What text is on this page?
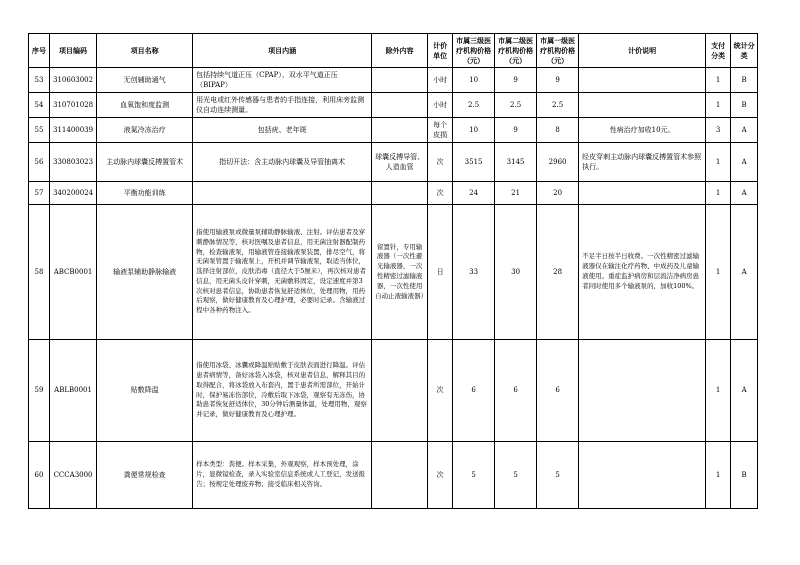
序号	项目编码	项目名称	项目内涵	除外内容	计价单位	市属三级医疗机构价格（元）	市属二级医疗机构价格（元）	市属一级医疗机构价格（元）	计价说明	支付分类	统计分类
53	310603002	无创辅助通气	包括持续气道正压（CPAP）、双水平气道正压（BIPAP）		小时	10	9	9		1	B
54	310701028	血氧饱和度监测	用光电或红外传感器与患者的手指连接，利用床旁监测仪自动连续测量。		小时	2.5	2.5	2.5		1	B
55	311400039	液氮冷冻治疗	包括疣、老年斑		每个皮损	10	9	8	性病治疗加收10元。	3	A
56	330803023	主动脉内球囊反搏置管术	指切开法：含主动脉内球囊及导管抽离术	球囊反搏导管、人造血管	次	3515	3145	2960	经皮穿刺主动脉内球囊反搏置管术参照执行。	1	A
57	340200024	平衡功能训练			次	24	21	20		1	A
58	ABCB0001	输液泵辅助静脉输液	指使用输液泵或微量泵辅助静脉输液、注射。评估患者及穿刺静脉情况等，核对医嘱及患者信息，用无菌注射器配制药物，检查输液泵，用输液管连接输液泵装置，排尽空气，将无菌泵管置于输液泵上，开机并调节输液泵，取适当体位，选择注射部位，皮肤消毒（直径大于5厘米），再次核对患者信息，用无菌头皮针穿刺，无菌敷料固定，设定速度并第3次核对患者信息，协助患者恢复舒适体位，处理用物，用药后观察，做好健康教育及心理护理，必要时记录。含输液过程中各种药物注入。	留置针，专用输液器（一次性避光输液器，一次性精密过滤输液器，一次性使用自动止液输液器）	日	33	30	28	不足半日按半日收费。一次性精密过滤输液器仅在输注化疗药物、中成药及儿童输液使用。重症监护病房和层流洁净病房患者同时使用多个输液泵的，加收100%。	1	A
59	ABLB0001	贴敷降温	指使用冰袋、冰囊或降温贴贴敷于皮肤表面进行降温。评估患者病情等，备好冰袋入冰袋，核对患者信息，解释其目的取得配合，将冰袋放入布套内，置于患者所需部位，开始计时，保护易冻伤部位，冷敷后取下冰袋，观察有无冻伤，协助患者恢复舒适体位，30分钟后测量体温，处理用物，观察并记录，做好健康教育及心理护理。		次	6	6	6		1	A
60	CCCA3000	粪便常规检查	样本类型：粪便。样本采集，外观观察，样本预处理，涂片，显微镜检查，录入实验室信息系统或人工登记，发送报告；按规定处理废弃物；接受临床相关咨询。		次	5	5	5		1	B
